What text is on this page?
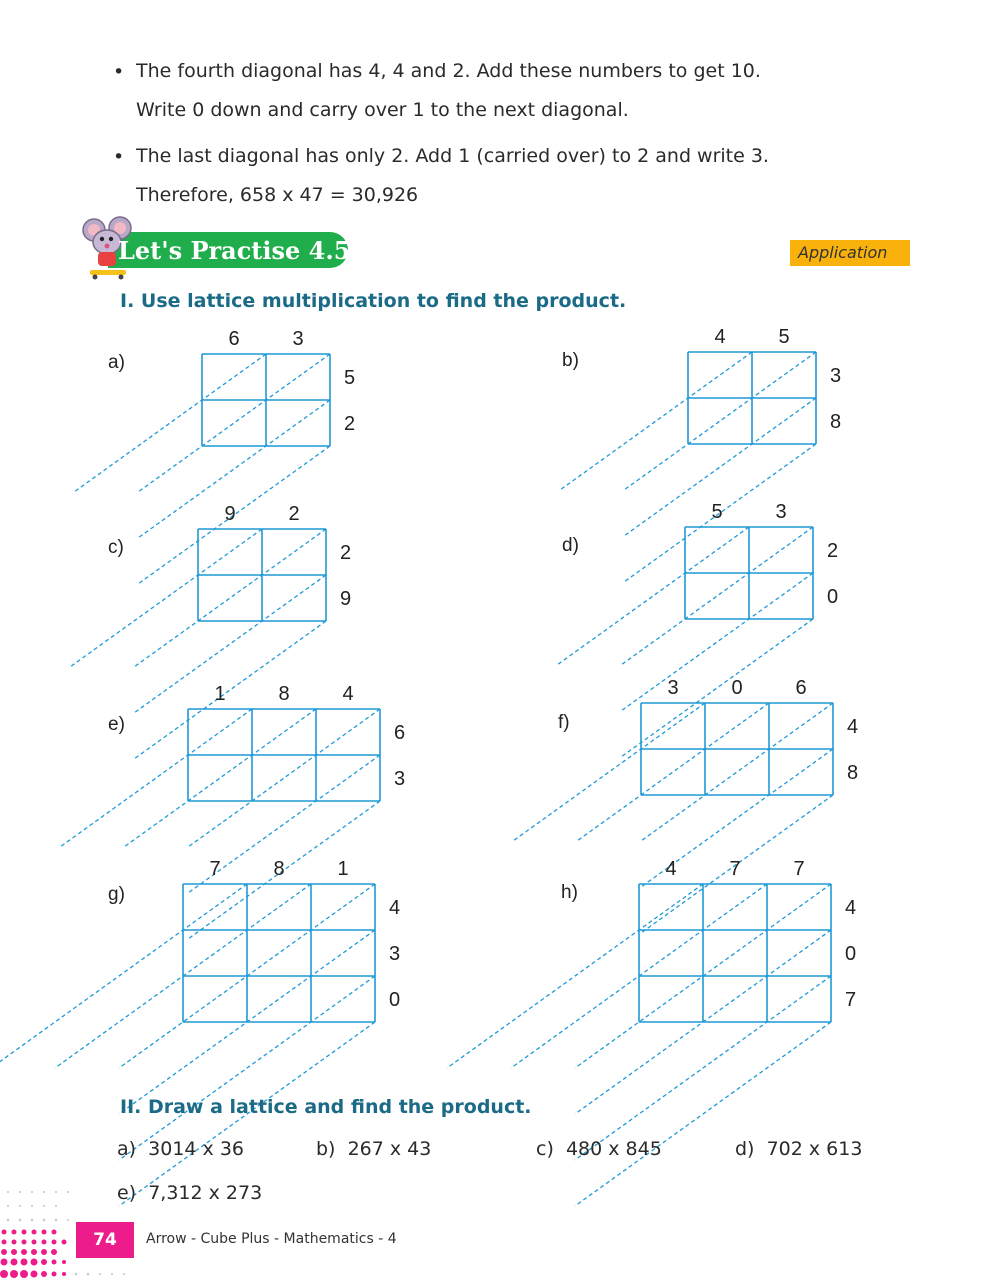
• The fourth diagonal has 4, 4 and 2. Add these numbers to get 10.
Write 0 down and carry over 1 to the next diagonal.
• The last diagonal has only 2. Add 1 (carried over) to 2 and write 3.
Therefore, 658 x 47 = 30,926
Let's Practise 4.5	Application
I. Use lattice multiplication to find the product.
a)	b)
c)	d)
e)	f)
g)	h)
6	3
5
2
4	5
3
8
9	2
2
9
5	3
2
0
1	8	4
6
3
3	0	6
4
8
7	8	1
4
3
0
4	7	7
4
0
7
II. Draw a lattice and find the product.
a) 3014 x 36	b) 267 x 43	c) 480 x 845	d) 702 x 613
e) 7,312 x 273
74	Arrow - Cube Plus - Mathematics - 4
